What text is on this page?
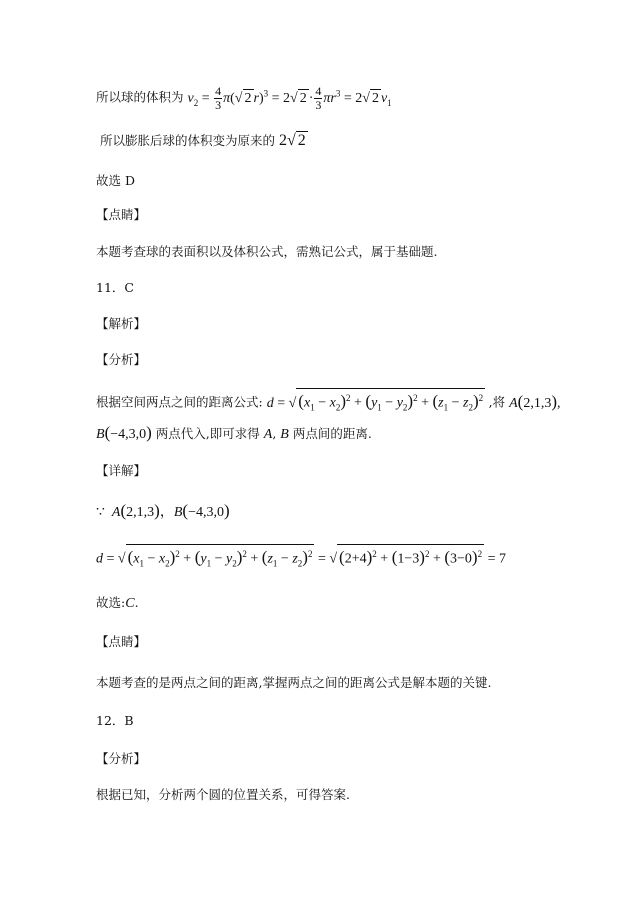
所以球的体积为 $v_2 = \frac{4}{3} \pi(√$ 2 r)$^3$ = 2√ $2 \cdot \frac{4}{3} \pi r^3 = 2√$ 2 $v_1$
所以膨胀后球的体积变为原来的 2√ 2
故选 D
【点睛】
本题考查球的表面积以及体积公式，需熟记公式，属于基础题.
11．C
【解析】
【分析】
根据空间两点之间的距离公式: d = √ $(x_1 - x_2)^2 + (y_1 - y_2)^2 + (z_1 - z_2)^2$ ,将 A(2,1,3),
B(−4,3,0) 两点代入,即可求得 A, B 两点间的距离.
【详解】
∵  A(2,1,3)，B(−4,3,0)
d = √ $(x_1 - x_2)^2 + (y_1 - y_2)^2 + (z_1 - z_2)^2$ = √ $(2+4)^2 + (1-3)^2 + (3-0)^2 = 7$
故选:C.
【点睛】
本题考查的是两点之间的距离,掌握两点之间的距离公式是解本题的关键.
12．B
【分析】
根据已知，分析两个圆的位置关系，可得答案.
